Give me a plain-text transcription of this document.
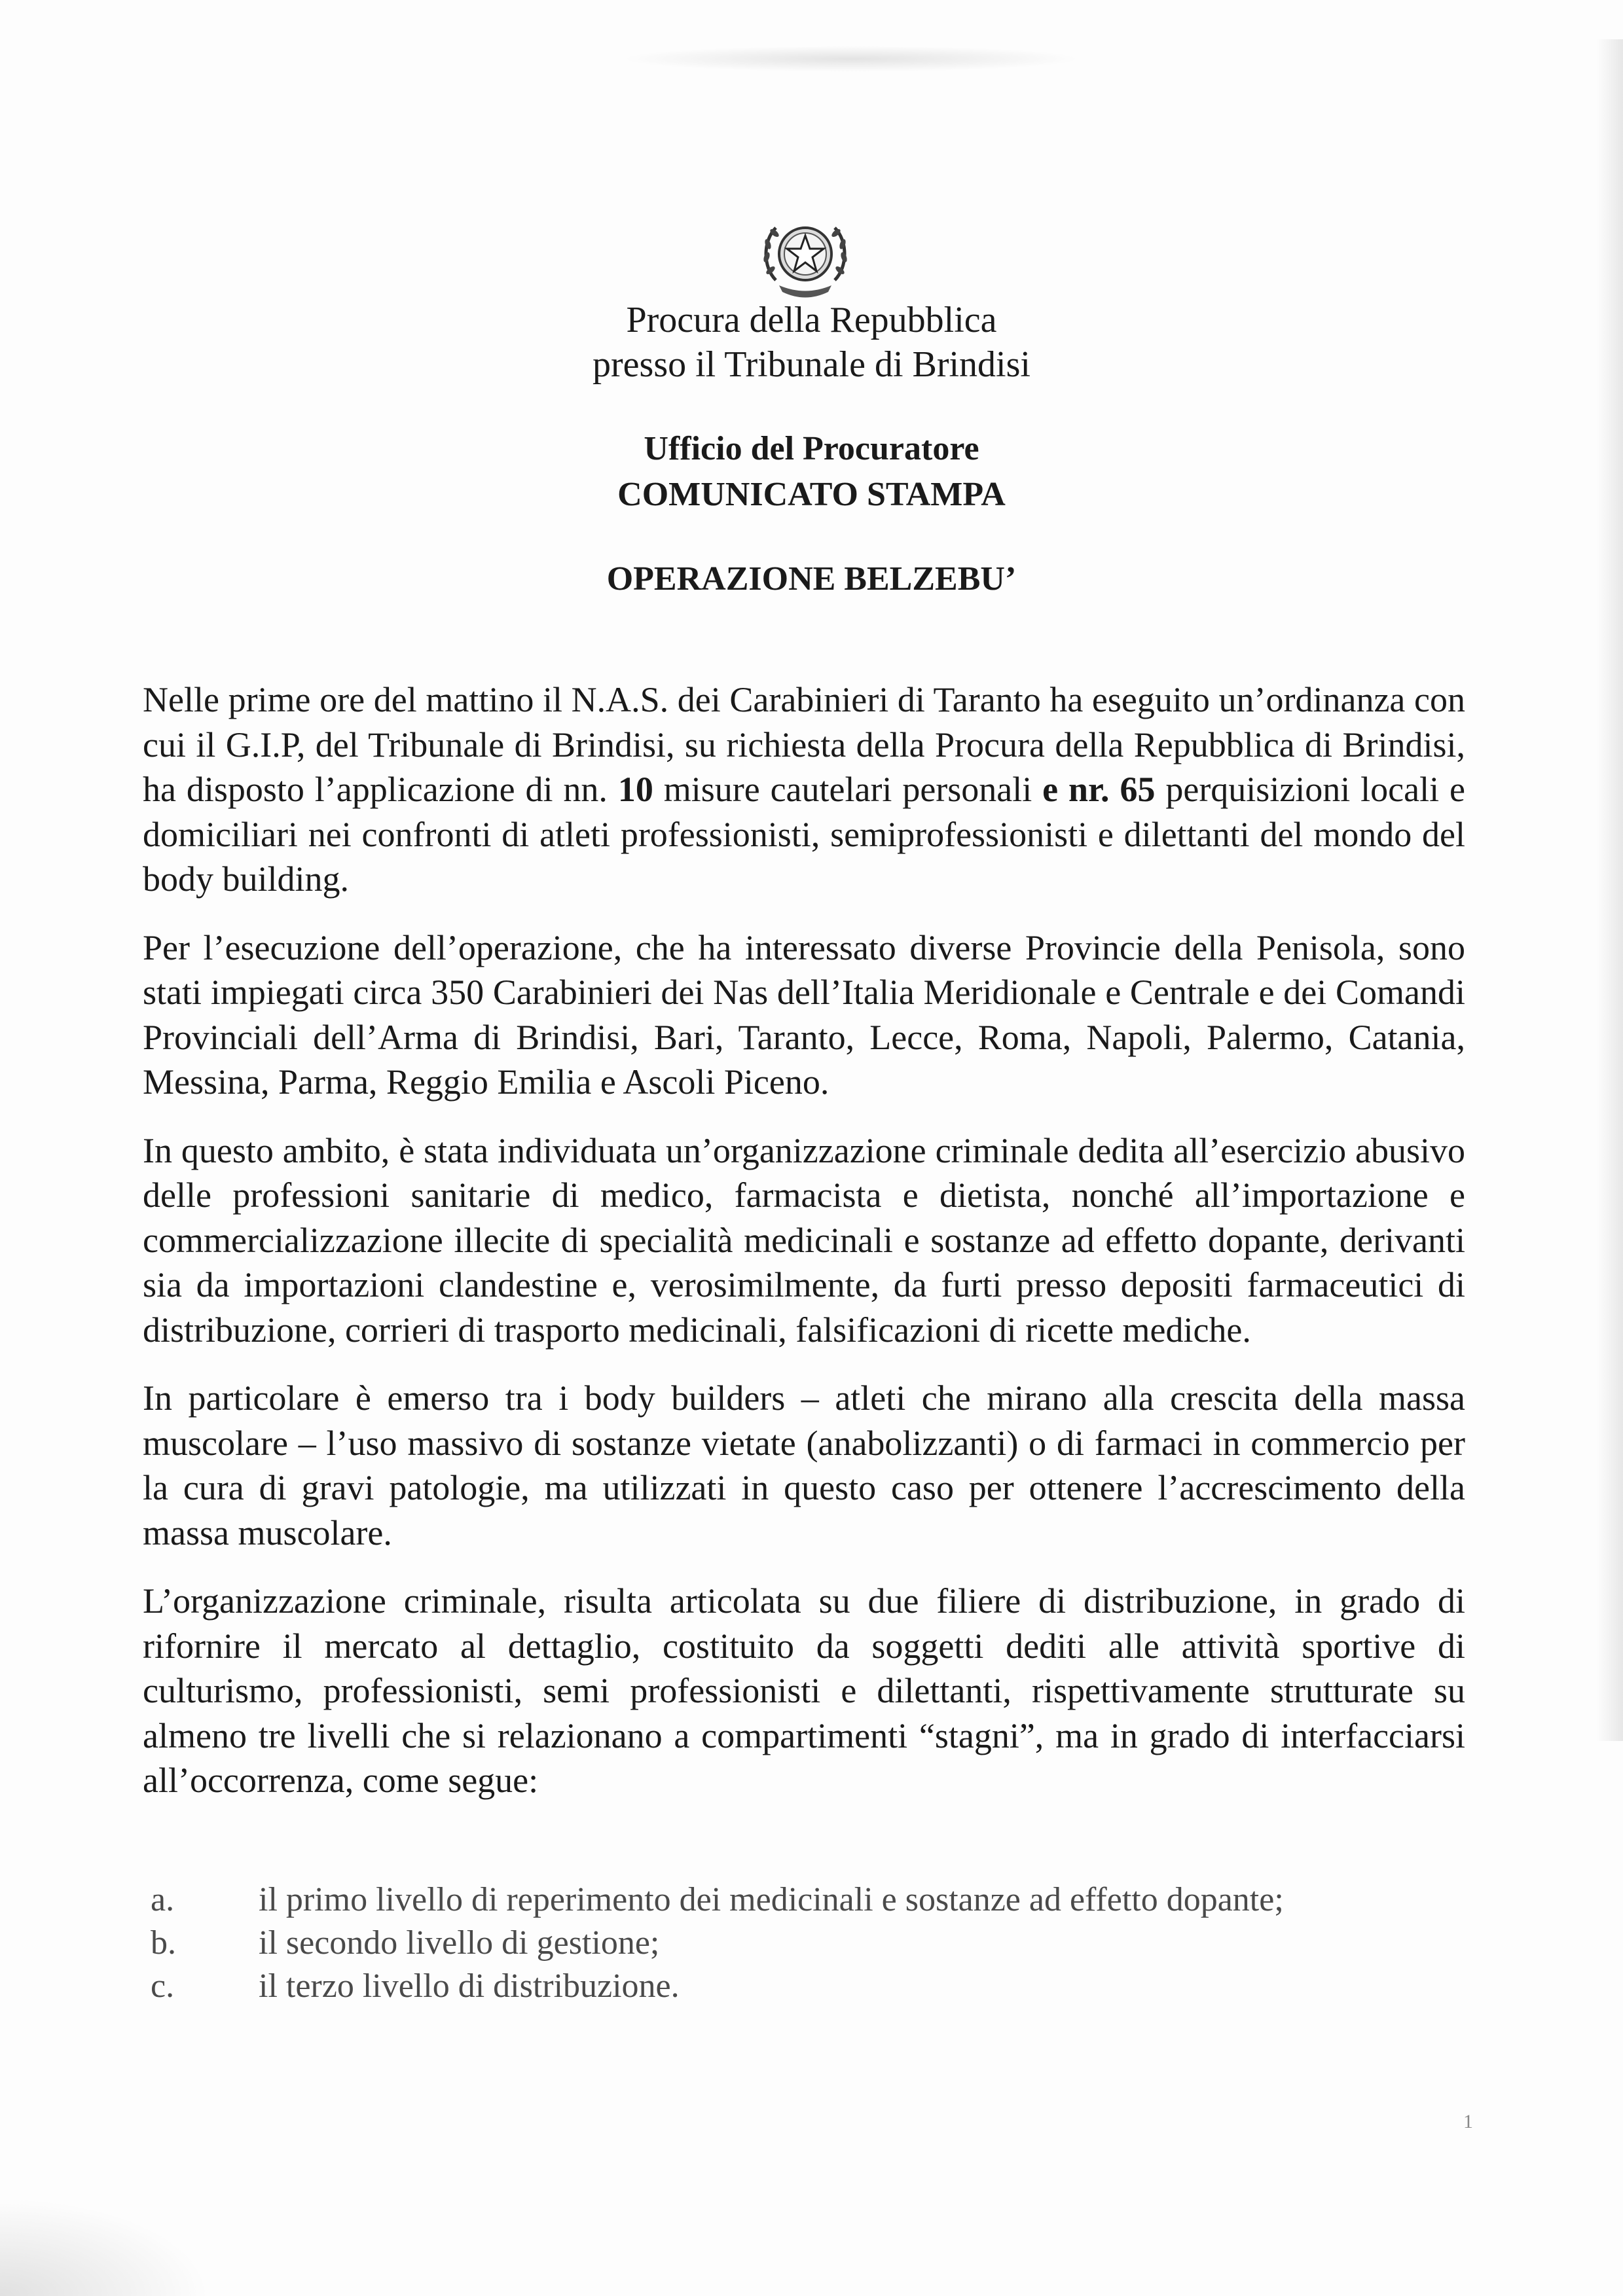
Procura della Repubblica
presso il Tribunale di Brindisi
Ufficio del Procuratore
COMUNICATO STAMPA
OPERAZIONE BELZEBU’

Nelle prime ore del mattino il N.A.S. dei Carabinieri di Taranto ha eseguito un’ordinanza con cui il G.I.P, del Tribunale di Brindisi, su richiesta della Procura della Repubblica di Brindisi, ha disposto l’applicazione di nn. 10 misure cautelari personali e nr. 65 perquisizioni locali e domiciliari nei confronti di atleti professionisti, semiprofessionisti e dilettanti del mondo del body building.

Per l’esecuzione dell’operazione, che ha interessato diverse Provincie della Penisola, sono stati impiegati circa 350 Carabinieri dei Nas dell’Italia Meridionale e Centrale e dei Comandi Provinciali dell’Arma di Brindisi, Bari, Taranto, Lecce, Roma, Napoli, Palermo, Catania, Messina, Parma, Reggio Emilia e Ascoli Piceno.

In questo ambito, è stata individuata un’organizzazione criminale dedita all’esercizio abusivo delle professioni sanitarie di medico, farmacista e dietista, nonché all’importazione e commercializzazione illecite di specialità medicinali e sostanze ad effetto dopante, derivanti sia da importazioni clandestine e, verosimilmente, da furti presso depositi farmaceutici di distribuzione, corrieri di trasporto medicinali, falsificazioni di ricette mediche.

In particolare è emerso tra i body builders – atleti che mirano alla crescita della massa muscolare – l’uso massivo di sostanze vietate (anabolizzanti) o di farmaci in commercio per la cura di gravi patologie, ma utilizzati in questo caso per ottenere l’accrescimento della massa muscolare.

L’organizzazione criminale, risulta articolata su due filiere di distribuzione, in grado di rifornire il mercato al dettaglio, costituito da soggetti dediti alle attività sportive di culturismo, professionisti, semi professionisti e dilettanti, rispettivamente strutturate su almeno tre livelli che si relazionano a compartimenti “stagni”, ma in grado di interfacciarsi all’occorrenza, come segue:

a.	il primo livello di reperimento dei medicinali e sostanze ad effetto dopante;
b.	il secondo livello di gestione;
c.	il terzo livello di distribuzione.
1
